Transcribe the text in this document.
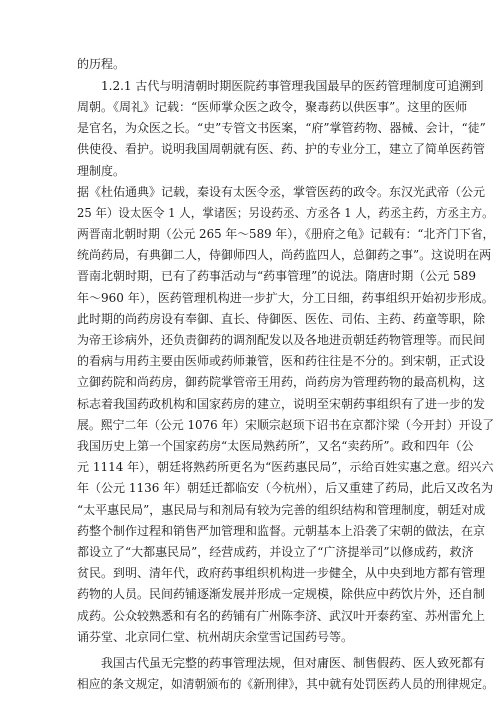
的历程。
　　1.2.1 古代与明清朝时期医院药事管理我国最早的医药管理制度可追溯到
周朝。《周礼》记载：“医师掌众医之政令，聚毒药以供医事”。这里的医师
是官名，为众医之长。“史”专管文书医案，“府”掌管药物、器械、会计，“徒”
供使役、看护。说明我国周朝就有医、药、护的专业分工，建立了简单医药管
理制度。
据《杜佑通典》记载，秦设有太医令丞，掌管医药的政令。东汉光武帝（公元
25 年）设太医令 1 人，掌诸医；另设药丞、方丞各 1 人，药丞主药，方丞主方。
两晋南北朝时期（公元 265 年～589 年），《册府之龟》记载有：“北齐门下省，
统尚药局，有典御二人，侍御师四人，尚药监四人，总御药之事”。这说明在两
晋南北朝时期，已有了药事活动与“药事管理”的说法。隋唐时期（公元 589
年～960 年），医药管理机构进一步扩大，分工日细，药事组织开始初步形成。
此时期的尚药房设有奉御、直长、侍御医、医佐、司佑、主药、药童等职，除
为帝王诊病外，还负责御药的调剂配发以及各地进贡朝廷药物管理等。而民间
的看病与用药主要由医师或药师兼管，医和药往往是不分的。到宋朝，正式设
立御药院和尚药房，御药院掌管帝王用药，尚药房为管理药物的最高机构，这
标志着我国药政机构和国家药房的建立，说明至宋朝药事组织有了进一步的发
展。熙宁二年（公元 1076 年）宋顺宗赵顼下诏书在京都汴梁（今开封）开设了
我国历史上第一个国家药房“太医局熟药所”，又名“卖药所”。政和四年（公
元 1114 年），朝廷将熟药所更名为“医药惠民局”，示给百姓实惠之意。绍兴六
年（公元 1136 年）朝廷迁都临安（今杭州），后又重建了药局，此后又改名为
“太平惠民局”，惠民局与和剂局有较为完善的组织结构和管理制度，朝廷对成
药整个制作过程和销售严加管理和监督。元朝基本上沿袭了宋朝的做法，在京
都设立了“大都惠民局”，经营成药，并设立了“广济提举司”以修成药，救济
贫民。到明、清年代，政府药事组织机构进一步健全，从中央到地方都有管理
药物的人员。民间药铺逐渐发展并形成一定规模，除供应中药饮片外，还自制
成药。公众较熟悉和有名的药铺有广州陈李济、武汉叶开泰药室、苏州雷允上
诵芬堂、北京同仁堂、杭州胡庆余堂雪记国药号等。
　　我国古代虽无完整的药事管理法规，但对庸医、制售假药、医人致死都有
相应的条文规定，如清朝颁布的《新刑律》，其中就有处罚医药人员的刑律规定。
